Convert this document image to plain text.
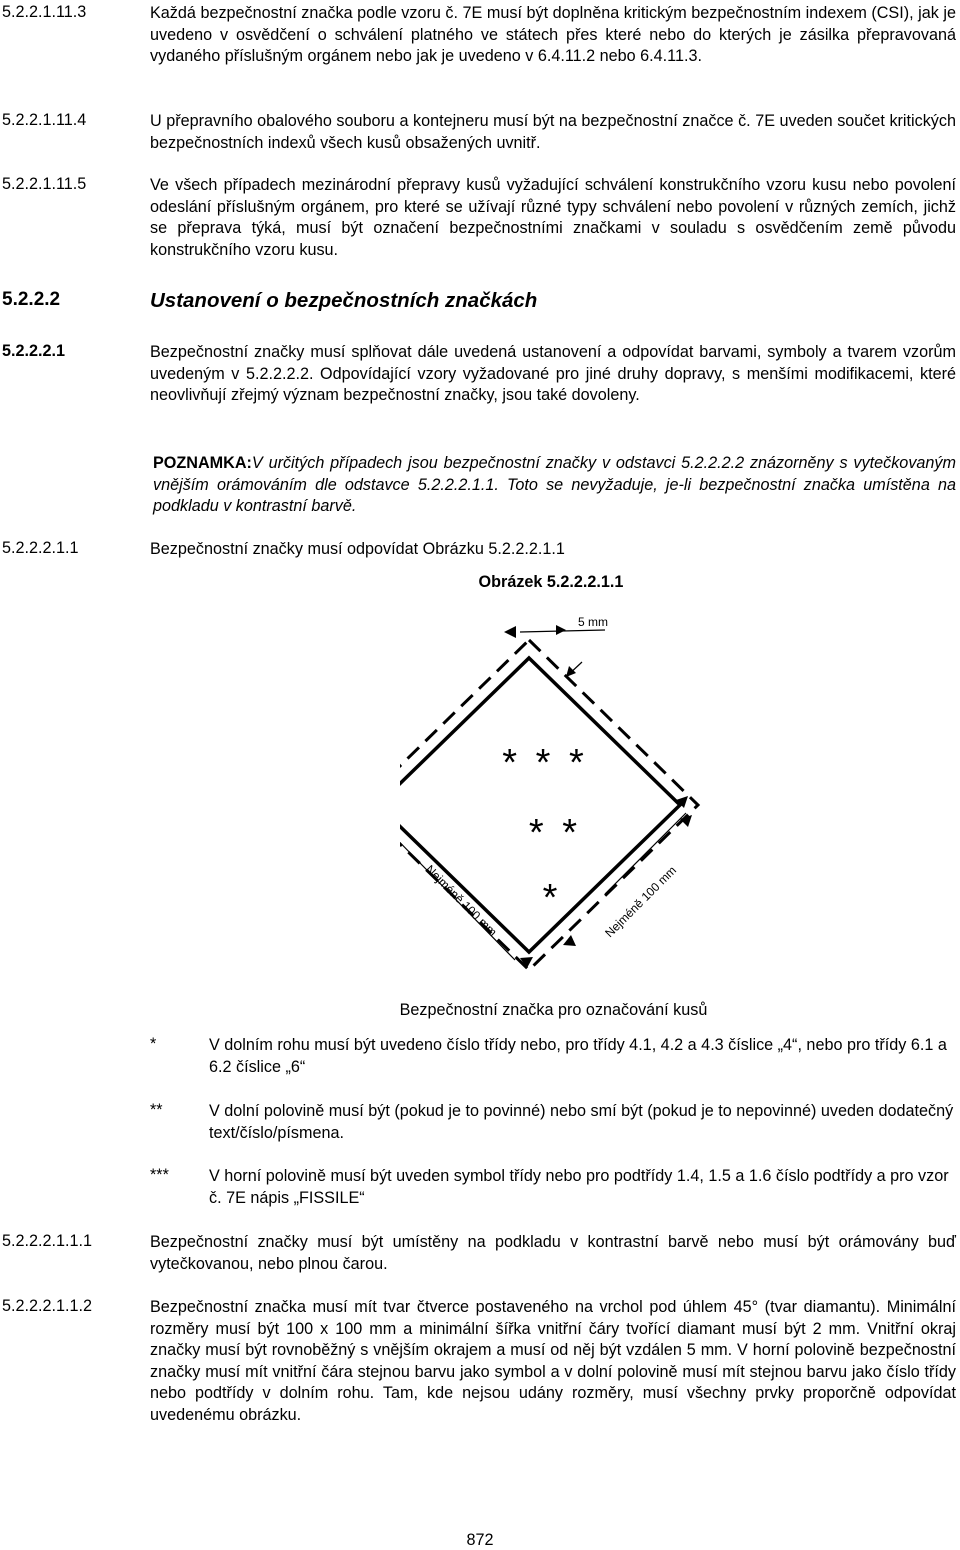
5.2.2.1.11.3	Každá bezpečnostní značka podle vzoru č. 7E musí být doplněna kritickým bezpečnostním indexem (CSI), jak je uvedeno v osvědčení o schválení platného ve státech přes které nebo do kterých je zásilka přepravovaná vydaného příslušným orgánem nebo jak je uvedeno v 6.4.11.2 nebo 6.4.11.3.
5.2.2.1.11.4	U přepravního obalového souboru a kontejneru musí být na bezpečnostní značce č. 7E uveden součet kritických bezpečnostních indexů všech kusů obsažených uvnitř.
5.2.2.1.11.5	Ve všech případech mezinárodní přepravy kusů vyžadující schválení konstrukčního vzoru kusu nebo povolení odeslání příslušným orgánem, pro které se užívají různé typy schválení nebo povolení v různých zemích, jichž se přeprava týká, musí být označení bezpečnostními značkami v souladu s osvědčením země původu konstrukčního vzoru kusu.
5.2.2.2	Ustanovení o bezpečnostních značkách
5.2.2.2.1	Bezpečnostní značky musí splňovat dále uvedená ustanovení a odpovídat barvami, symboly a tvarem vzorům uvedeným v 5.2.2.2.2. Odpovídající vzory vyžadované pro jiné druhy dopravy, s menšími modifikacemi, které neovlivňují zřejmý význam bezpečnostní značky, jsou také dovoleny.
POZNAMKA:V určitých případech jsou bezpečnostní značky v odstavci 5.2.2.2.2 znázorněny s vytečkovaným vnějším orámováním dle odstavce 5.2.2.2.1.1. Toto se nevyžaduje, je-li bezpečnostní značka umístěna na podkladu v kontrastní barvě.
5.2.2.2.1.1	Bezpečnostní značky musí odpovídat Obrázku 5.2.2.2.1.1
Obrázek 5.2.2.2.1.1
* * *
* *
*
5 mm
Nejméně 100 mm	Nejméně 100 mm
Bezpečnostní značka pro označování kusů
*	V dolním rohu musí být uvedeno číslo třídy nebo, pro třídy 4.1, 4.2 a 4.3 číslice „4“, nebo pro třídy 6.1 a 6.2 číslice „6“
**	V dolní polovině musí být (pokud je to povinné) nebo smí být (pokud je to nepovinné) uveden dodatečný text/číslo/písmena.
*** V horní polovině musí být uveden symbol třídy nebo pro podtřídy 1.4, 1.5 a 1.6 číslo podtřídy a pro vzor č. 7E nápis „FISSILE“
5.2.2.2.1.1.1	Bezpečnostní značky musí být umístěny na podkladu v kontrastní barvě nebo musí být orámovány buď vytečkovanou, nebo plnou čarou.
5.2.2.2.1.1.2	Bezpečnostní značka musí mít tvar čtverce postaveného na vrchol pod úhlem 45° (tvar diamantu). Minimální rozměry musí být 100 x 100 mm a minimální šířka vnitřní čáry tvořící diamant musí být 2 mm. Vnitřní okraj značky musí být rovnoběžný s vnějším okrajem a musí od něj být vzdálen 5 mm. V horní polovině bezpečnostní značky musí mít vnitřní čára stejnou barvu jako symbol a v dolní polovině musí mít stejnou barvu jako číslo třídy nebo podtřídy v dolním rohu. Tam, kde nejsou udány rozměry, musí všechny prvky proporčně odpovídat uvedenému obrázku.
872
